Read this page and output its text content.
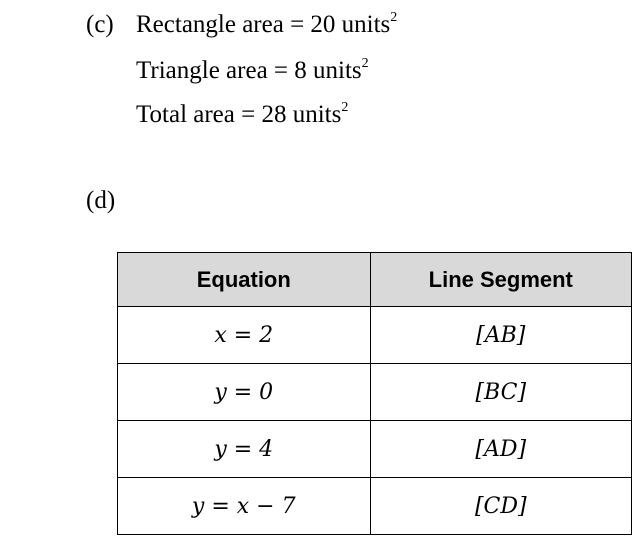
(c) Rectangle area = 20 units$^2$
Triangle area = 8 units$^2$
Total area = 28 units$^2$
(d)
Equation	Line Segment
x = 2	[AB]
y = 0	[BC]
y = 4	[AD]
y = x − 7	[CD]
